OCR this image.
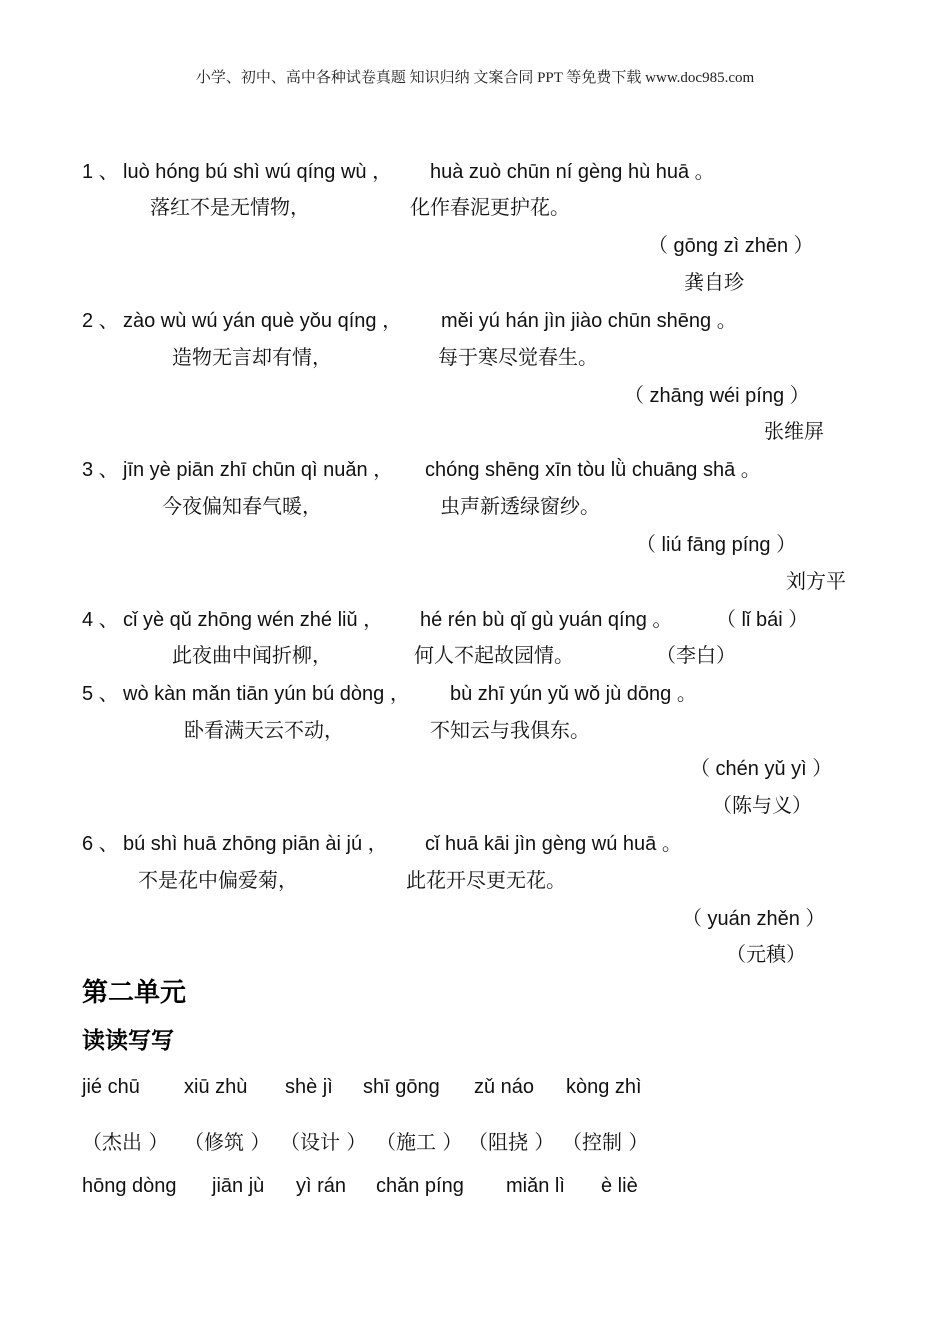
小学、初中、高中各种试卷真题 知识归纳 文案合同 PPT 等免费下载 www.doc985.com
1 、 luò hóng bú shì wú qíng wù ， huà zuò chūn ní gèng hù huā 。
落红不是无情物，	化作春泥更护花。
（ gōng zì zhēn ）
龚自珍
2 、 zào wù wú yán què yǒu qíng ， měi yú hán jìn jiào chūn shēng 。
造物无言却有情，	每于寒尽觉春生。
（ zhāng wéi píng ）
张维屏
3 、 jīn yè piān zhī chūn qì nuǎn ， chóng shēng xīn tòu lǜ chuāng shā 。
今夜偏知春气暖，	虫声新透绿窗纱。
（ liú fāng píng ）
刘方平
4 、 cǐ yè qǔ zhōng wén zhé liǔ ， hé rén bù qǐ gù yuán qíng 。 （ lǐ bái ）
此夜曲中闻折柳，	何人不起故园情。	（李白）
5 、 wò kàn mǎn tiān yún bú dòng ， bù zhī yún yǔ wǒ jù dōng 。
卧看满天云不动，	不知云与我俱东。
（ chén yǔ yì ）
（陈与义）
6 、 bú shì huā zhōng piān ài jú ， cǐ huā kāi jìn gèng wú huā 。
不是花中偏爱菊，	此花开尽更无花。
（ yuán zhěn ）
（元稹）
第二单元
读读写写
jié chū xiū zhù shè jì shī gōng zǔ náo kòng zhì
（杰出 ） （修筑 ） （设计 ） （施工 ） （阻挠 ） （控制 ）
hōng dòng jiān jù yì rán chǎn píng miǎn lì è liè
